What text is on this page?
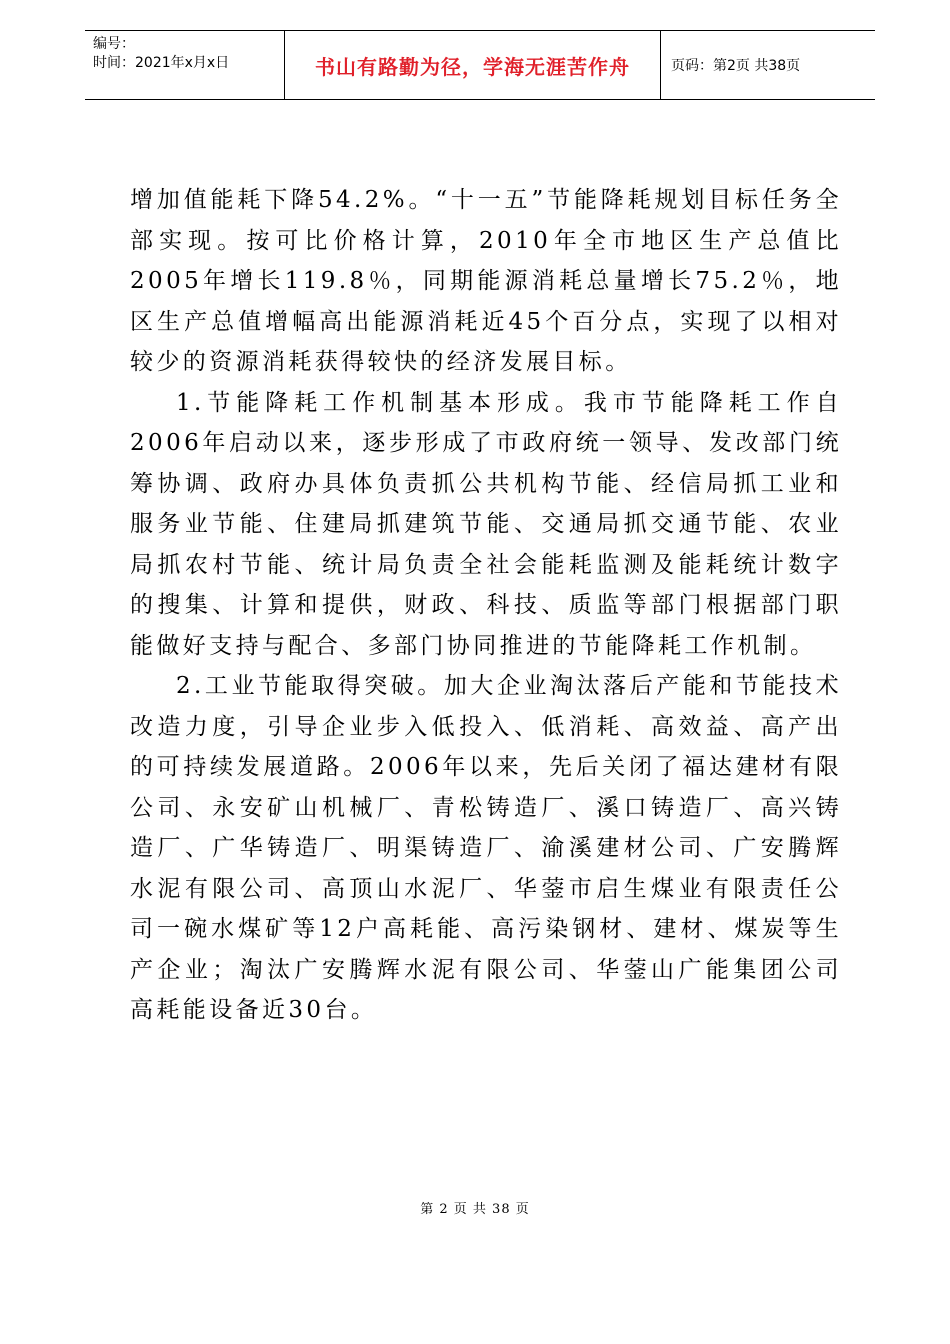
编号：
时间：2021年x月x日	书山有路勤为径，学海无涯苦作舟	页码：第2页 共38页

增加值能耗下降54.2%。“十一五”节能降耗规划目标任务全部实现。按可比价格计算，2010年全市地区生产总值比2005年增长119.8％，同期能源消耗总量增长75.2％，地区生产总值增幅高出能源消耗近45个百分点，实现了以相对较少的资源消耗获得较快的经济发展目标。

1.节能降耗工作机制基本形成。我市节能降耗工作自2006年启动以来，逐步形成了市政府统一领导、发改部门统筹协调、政府办具体负责抓公共机构节能、经信局抓工业和服务业节能、住建局抓建筑节能、交通局抓交通节能、农业局抓农村节能、统计局负责全社会能耗监测及能耗统计数字的搜集、计算和提供，财政、科技、质监等部门根据部门职能做好支持与配合、多部门协同推进的节能降耗工作机制。

2.工业节能取得突破。加大企业淘汰落后产能和节能技术改造力度，引导企业步入低投入、低消耗、高效益、高产出的可持续发展道路。2006年以来，先后关闭了福达建材有限公司、永安矿山机械厂、青松铸造厂、溪口铸造厂、高兴铸造厂、广华铸造厂、明渠铸造厂、渝溪建材公司、广安腾辉水泥有限公司、高顶山水泥厂、华蓥市启生煤业有限责任公司一碗水煤矿等12户高耗能、高污染钢材、建材、煤炭等生产企业；淘汰广安腾辉水泥有限公司、华蓥山广能集团公司高耗能设备近30台。

第 2 页 共 38 页
